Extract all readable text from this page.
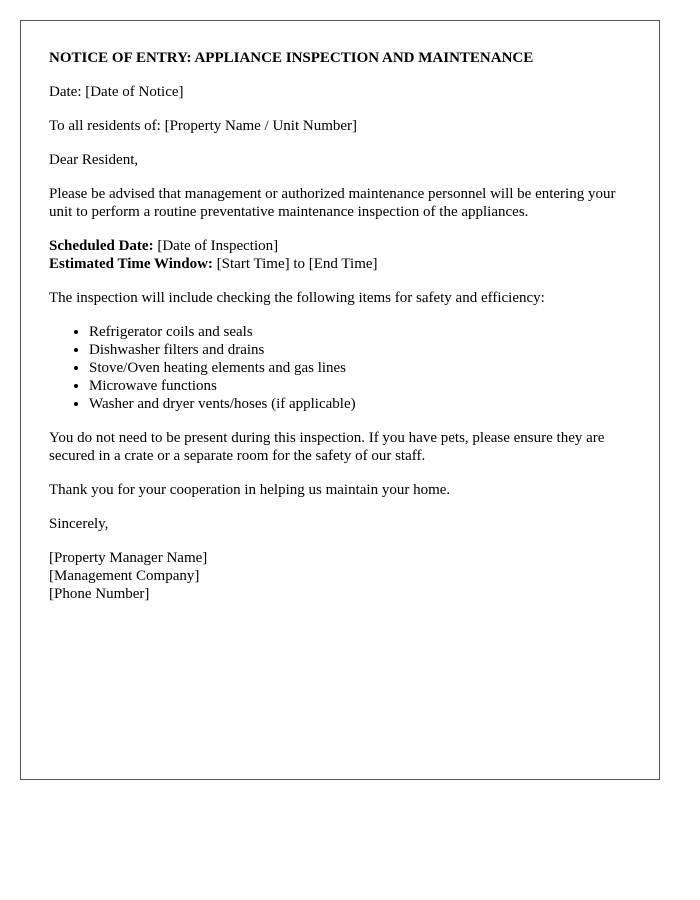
NOTICE OF ENTRY: APPLIANCE INSPECTION AND MAINTENANCE

Date: [Date of Notice]

To all residents of: [Property Name / Unit Number]

Dear Resident,

Please be advised that management or authorized maintenance personnel will be entering your unit to perform a routine preventative maintenance inspection of the appliances.

Scheduled Date: [Date of Inspection]
Estimated Time Window: [Start Time] to [End Time]

The inspection will include checking the following items for safety and efficiency:

• Refrigerator coils and seals
• Dishwasher filters and drains
• Stove/Oven heating elements and gas lines
• Microwave functions
• Washer and dryer vents/hoses (if applicable)

You do not need to be present during this inspection. If you have pets, please ensure they are secured in a crate or a separate room for the safety of our staff.

Thank you for your cooperation in helping us maintain your home.

Sincerely,

[Property Manager Name]
[Management Company]
[Phone Number]
